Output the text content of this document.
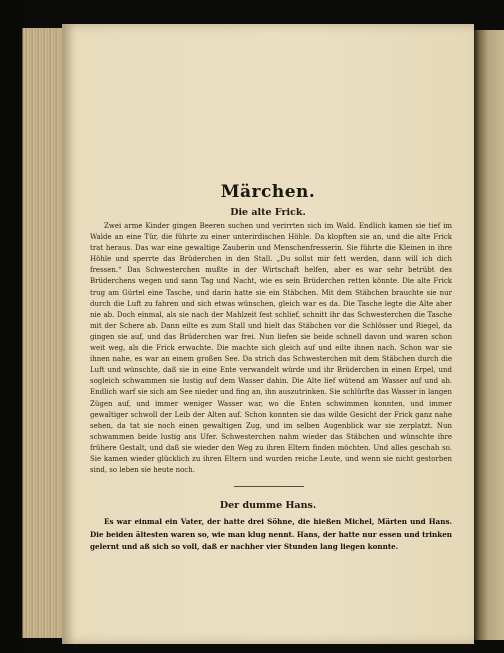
Märchen.
Die alte Frick.

Zwei arme Kinder gingen Beeren suchen und verirrten sich im Wald. Endlich kamen sie tief im Walde an eine Tür, die führte zu einer unterirdischen Höhle. Da klopften sie an, und die alte Frick trat heraus. Das war eine gewaltige Zauberin und Menschenfresserin. Sie führte die Kleinen in ihre Höhle und sperrte das Brüderchen in den Stall. „Du sollst mir fett werden, dann will ich dich fressen.“ Das Schwesterchen mußte in der Wirtschaft helfen, aber es war sehr betrübt des Brüderchens wegen und sann Tag und Nacht, wie es sein Brüderchen retten könnte. Die alte Frick trug am Gürtel eine Tasche, und darin hatte sie ein Stäbchen. Mit dem Stäbchen brauchte sie nur durch die Luft zu fahren und sich etwas wünschen, gleich war es da. Die Tasche legte die Alte aber nie ab. Doch einmal, als sie nach der Mahlzeit fest schlief, schnitt ihr das Schwesterchen die Tasche mit der Schere ab. Dann eilte es zum Stall und hielt das Stäbchen vor die Schlösser und Riegel, da gingen sie auf, und das Brüderchen war frei. Nun liefen sie beide schnell davon und waren schon weit weg, als die Frick erwachte. Die machte sich gleich auf und eilte ihnen nach. Schon war sie ihnen nahe, es war an einem großen See. Da strich das Schwesterchen mit dem Stäbchen durch die Luft und wünschte, daß sie in eine Ente verwandelt würde und ihr Brüderchen in einen Erpel, und sogleich schwammen sie lustig auf dem Wasser dahin. Die Alte lief wütend am Wasser auf und ab. Endlich warf sie sich am See nieder und fing an, ihn auszutrinken. Sie schlürfte das Wasser in langen Zügen auf, und immer weniger Wasser war, wo die Enten schwimmen konnten, und immer gewaltiger schwoll der Leib der Alten auf. Schon konnten sie das wilde Gesicht der Frick ganz nahe sehen, da tat sie noch einen gewaltigen Zug, und im selben Augenblick war sie zerplatzt. Nun schwammen beide lustig ans Ufer. Schwesterchen nahm wieder das Stäbchen und wünschte ihre frühere Gestalt, und daß sie wieder den Weg zu ihren Eltern finden möchten. Und alles geschah so. Sie kamen wieder glücklich zu ihren Eltern und wurden reiche Leute, und wenn sie nicht gestorben sind, so leben sie heute noch.

Der dumme Hans.

Es war einmal ein Vater, der hatte drei Söhne, die hießen Michel, Märten und Hans. Die beiden ältesten waren so, wie man klug nennt. Hans, der hatte nur essen und trinken gelernt und aß sich so voll, daß er nachher vier Stunden lang liegen konnte.
